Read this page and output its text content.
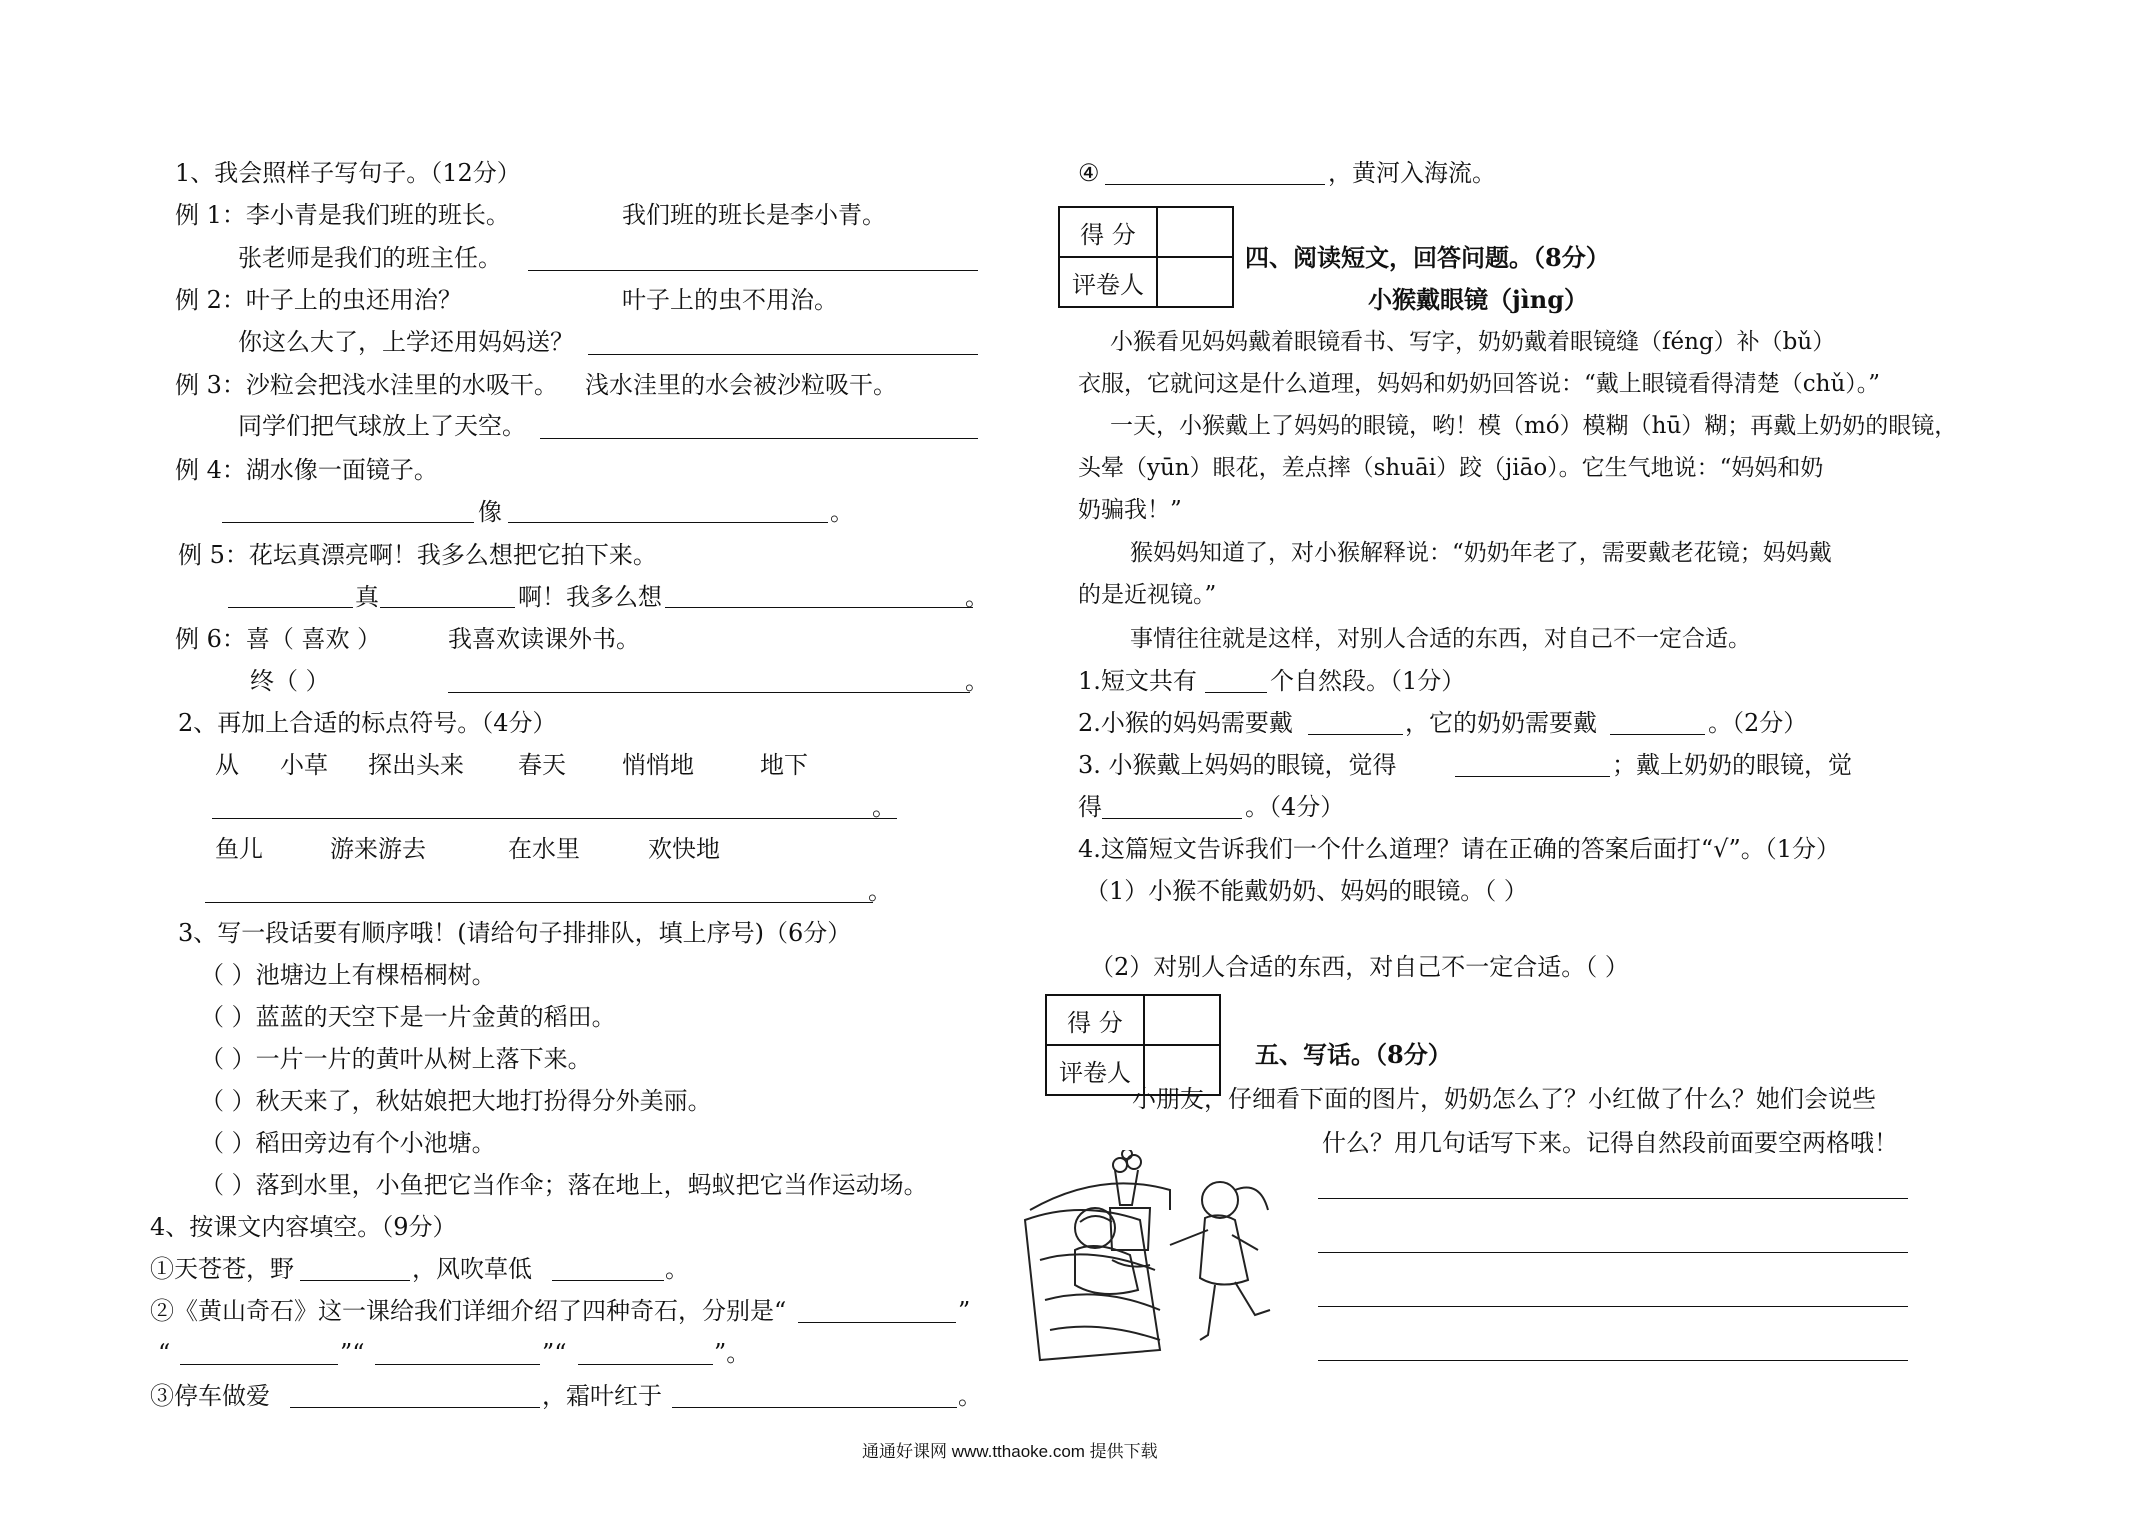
1、我会照样子写句子。（12分）
例 1：李小青是我们班的班长。	我们班的班长是李小青。
张老师是我们的班主任。
例 2：叶子上的虫还用治？	叶子上的虫不用治。
你这么大了，上学还用妈妈送？
例 3：沙粒会把浅水洼里的水吸干。 浅水洼里的水会被沙粒吸干。
同学们把气球放上了天空。
例 4：湖水像一面镜子。
像	。
例 5：花坛真漂亮啊！我多么想把它拍下来。
真	啊！我多么想	。
例 6：喜（ 喜欢 ）	我喜欢读课外书。
终（ ）	。
2、再加上合适的标点符号。（4分）
从 小草 探出头来 春天 悄悄地	地下
。
鱼儿	游来游去	在水里	欢快地
。
3、写一段话要有顺序哦！(请给句子排排队，填上序号)（6分）
（ ）池塘边上有棵梧桐树。
（ ）蓝蓝的天空下是一片金黄的稻田。
（ ）一片一片的黄叶从树上落下来。
（ ）秋天来了，秋姑娘把大地打扮得分外美丽。
（ ）稻田旁边有个小池塘。
（ ）落到水里，小鱼把它当作伞；落在地上，蚂蚁把它当作运动场。
4、按课文内容填空。（9分）
①天苍苍，野	，风吹草低	。
②《黄山奇石》这一课给我们详细介绍了四种奇石，分别是“	”
“	”“	”“	”。
③停车做爱	，霜叶红于	。
④	，黄河入海流。
得 分	
评卷人	
四、阅读短文，回答问题。（8分）
小猴戴眼镜（jìng）
小猴看见妈妈戴着眼镜看书、写字，奶奶戴着眼镜缝（féng）补（bǔ）
衣服，它就问这是什么道理，妈妈和奶奶回答说：“戴上眼镜看得清楚（chǔ）。”
一天，小猴戴上了妈妈的眼镜，哟！模（mó）模糊（hū）糊；再戴上奶奶的眼镜，
头晕（yūn）眼花，差点摔（shuāi）跤（jiāo）。它生气地说：“妈妈和奶
奶骗我！”
猴妈妈知道了，对小猴解释说：“奶奶年老了，需要戴老花镜；妈妈戴
的是近视镜。”
事情往往就是这样，对别人合适的东西，对自己不一定合适。
1.短文共有	个自然段。（1分）
2.小猴的妈妈需要戴	，它的奶奶需要戴	。（2分）
3. 小猴戴上妈妈的眼镜，觉得	；戴上奶奶的眼镜，觉
得	。（4分）
4.这篇短文告诉我们一个什么道理？请在正确的答案后面打“√”。（1分）
（1）小猴不能戴奶奶、妈妈的眼镜。（ ）
（2）对别人合适的东西，对自己不一定合适。（ ）
得 分	
评卷人	
五、写话。（8分）
小朋友，仔细看下面的图片，奶奶怎么了？小红做了什么？她们会说些
什么？用几句话写下来。记得自然段前面要空两格哦！
通通好课网 www.tthaoke.com 提供下载
